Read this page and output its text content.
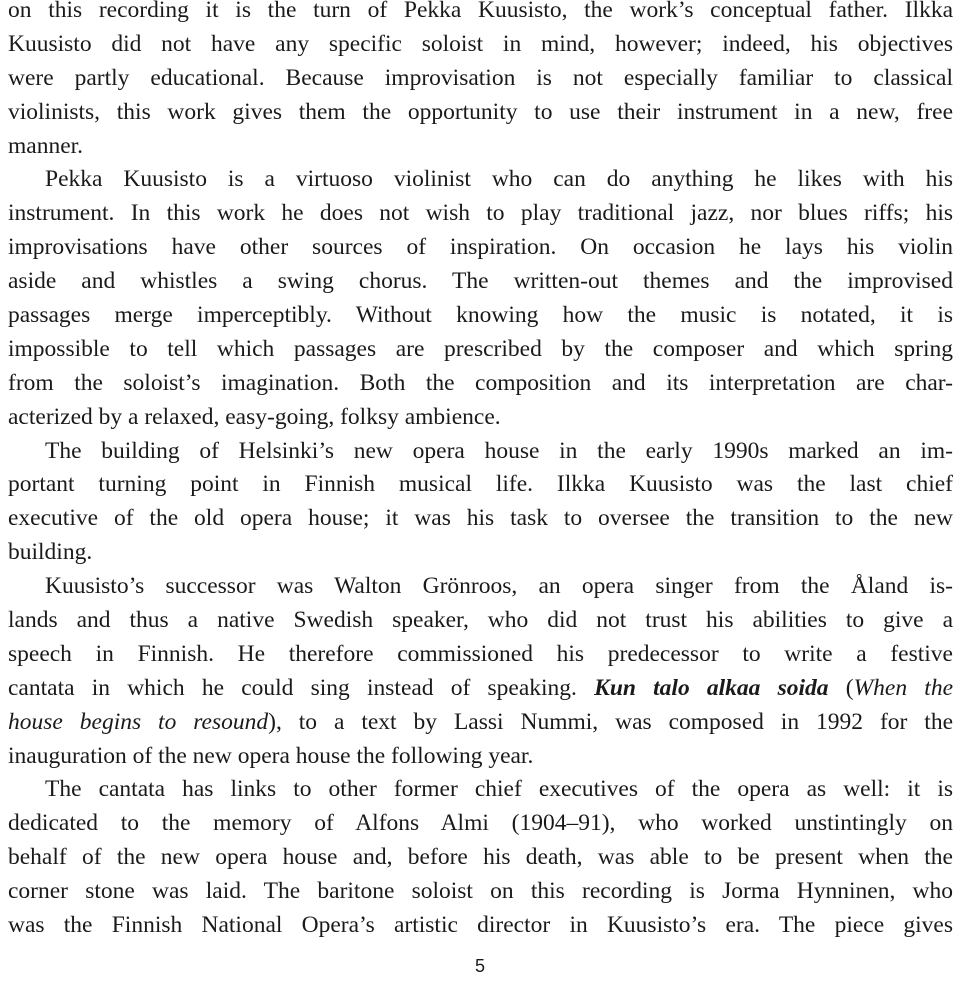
on this recording it is the turn of Pekka Kuusisto, the work’s conceptual father. Ilkka
Kuusisto did not have any specific soloist in mind, however; indeed, his objectives
were partly educational. Because improvisation is not especially familiar to classical
violinists, this work gives them the opportunity to use their instrument in a new, free
manner.
Pekka Kuusisto is a virtuoso violinist who can do anything he likes with his
instrument. In this work he does not wish to play traditional jazz, nor blues riffs; his
improvisations have other sources of inspiration. On occasion he lays his violin
aside and whistles a swing chorus. The written-out themes and the improvised
passages merge imperceptibly. Without knowing how the music is notated, it is
impossible to tell which passages are prescribed by the composer and which spring
from the soloist’s imagination. Both the composition and its interpretation are char-
acterized by a relaxed, easy-going, folksy ambience.
The building of Helsinki’s new opera house in the early 1990s marked an im-
portant turning point in Finnish musical life. Ilkka Kuusisto was the last chief
executive of the old opera house; it was his task to oversee the transition to the new
building.
Kuusisto’s successor was Walton Grönroos, an opera singer from the Åland is-
lands and thus a native Swedish speaker, who did not trust his abilities to give a
speech in Finnish. He therefore commissioned his predecessor to write a festive
cantata in which he could sing instead of speaking. Kun talo alkaa soida (When the
house begins to resound), to a text by Lassi Nummi, was composed in 1992 for the
inauguration of the new opera house the following year.
The cantata has links to other former chief executives of the opera as well: it is
dedicated to the memory of Alfons Almi (1904–91), who worked unstintingly on
behalf of the new opera house and, before his death, was able to be present when the
corner stone was laid. The baritone soloist on this recording is Jorma Hynninen, who
was the Finnish National Opera’s artistic director in Kuusisto’s era. The piece gives
5
